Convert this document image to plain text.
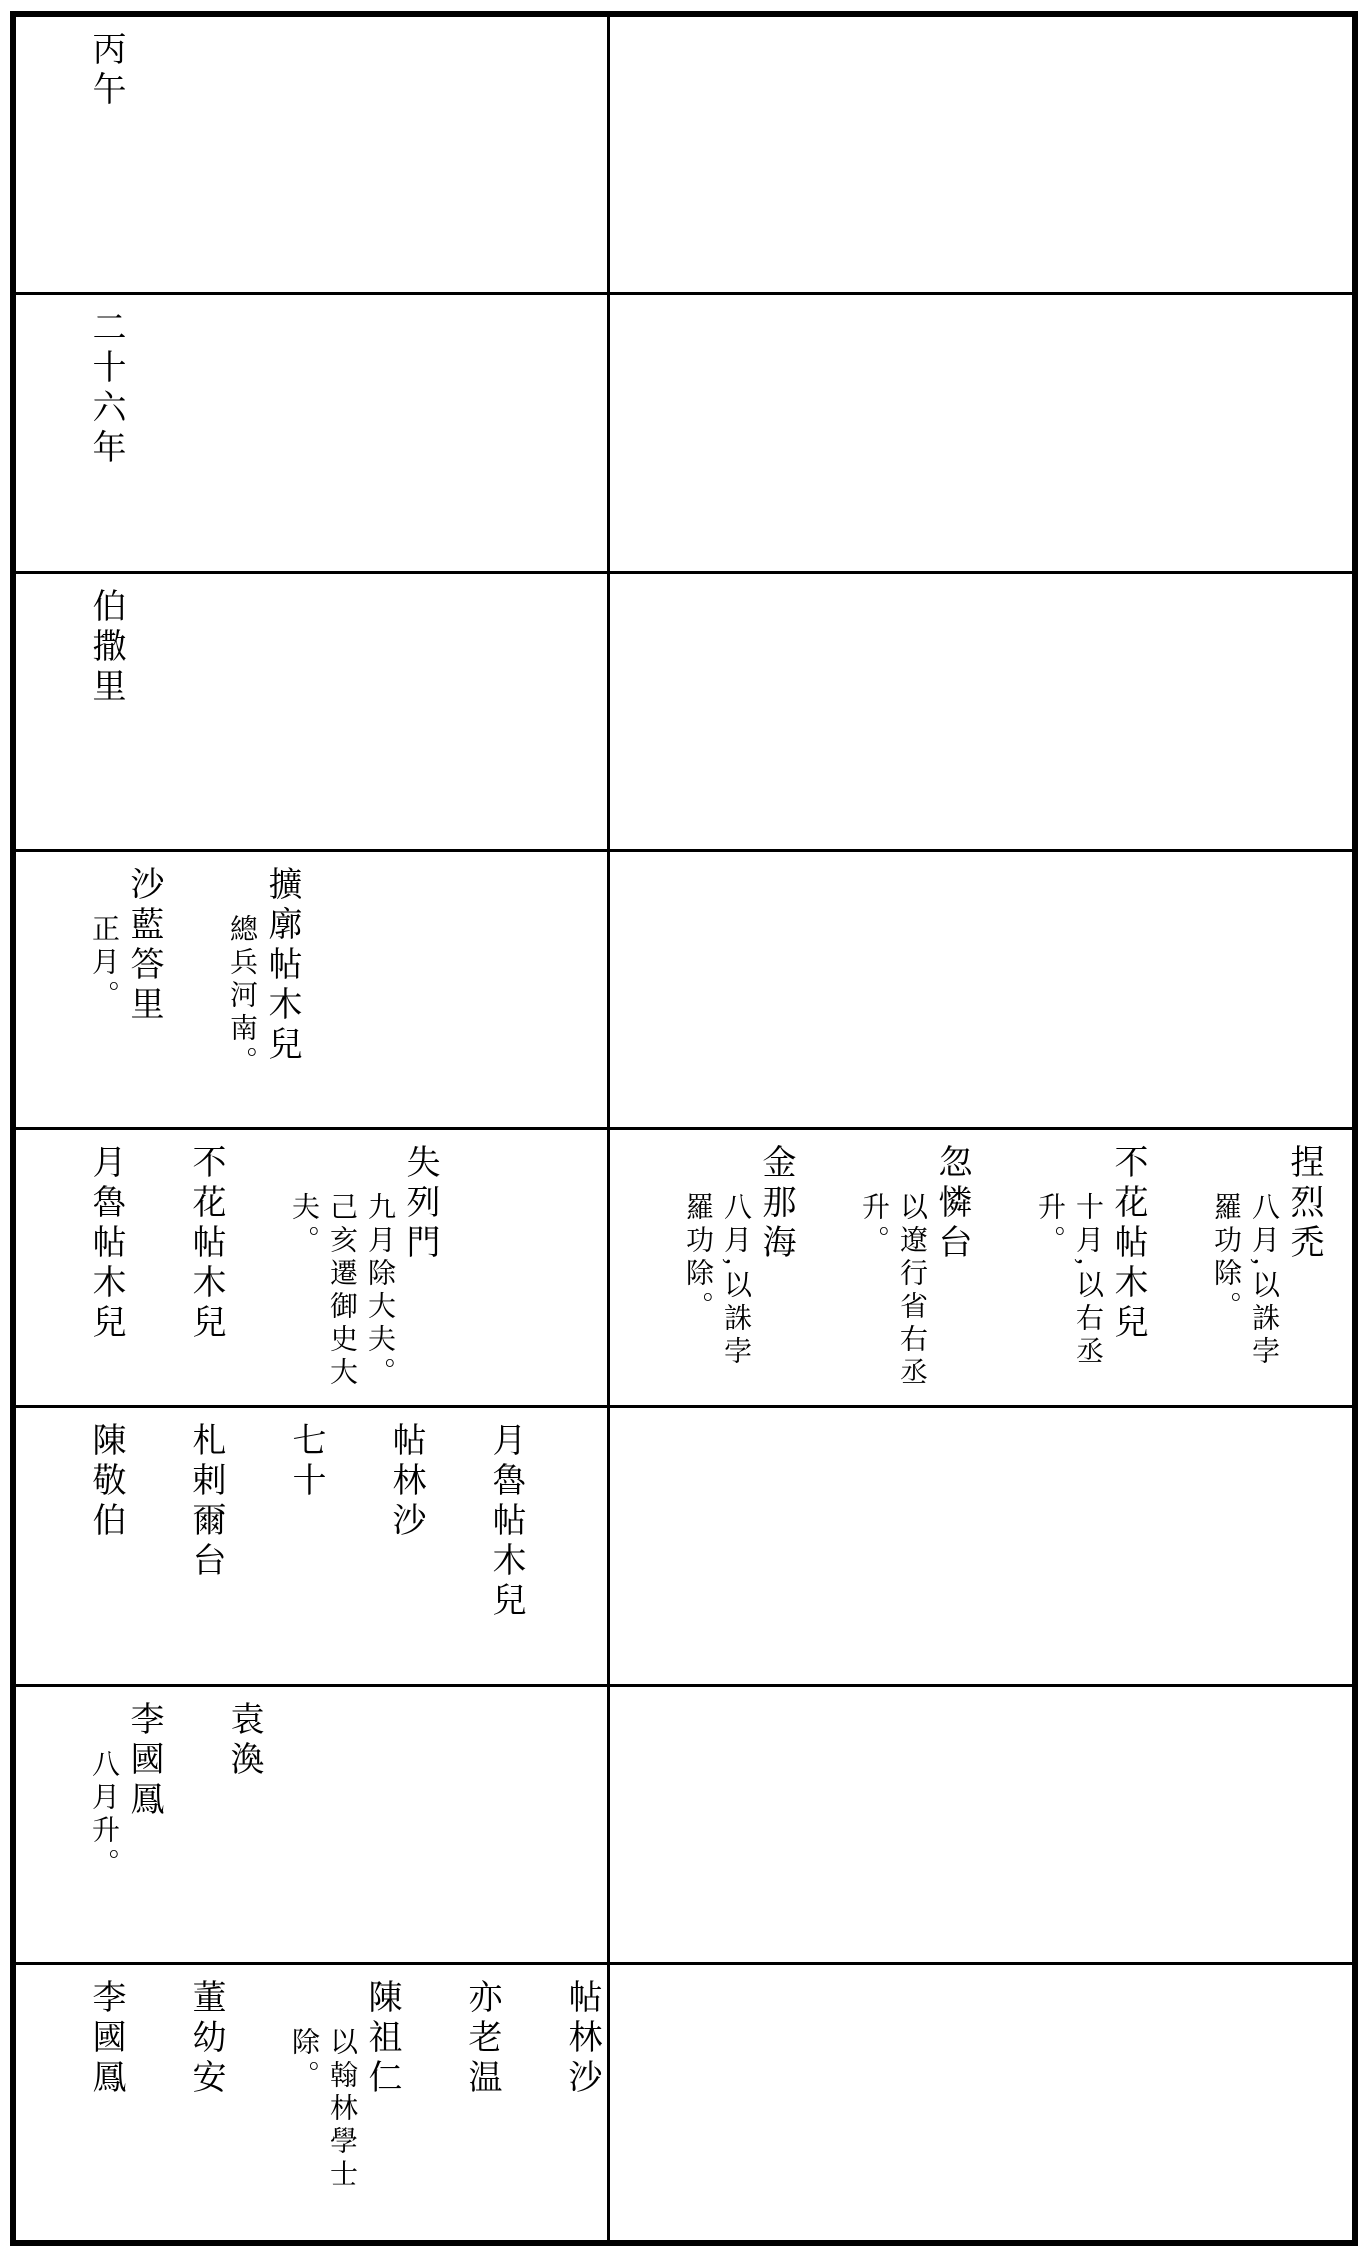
丙午
二十六年
伯撒里
擴廓帖木兒
總兵河南。
沙藍答里
正月。
失列門
九月除大夫。己亥遷御史大夫。
不花帖木兒
月魯帖木兒	捏烈禿
八月,以誅孛羅功除。
不花帖木兒
十月,以右丞升。
忽憐台
以遼行省右丞升。
金那海
八月,以誅孛羅功除。
月魯帖木兒
帖林沙
七十
札剌爾台
陳敬伯
袁渙
李國鳳
八月升。
帖林沙
亦老温
陳祖仁
以翰林學士除。
董幼安
李國鳳
